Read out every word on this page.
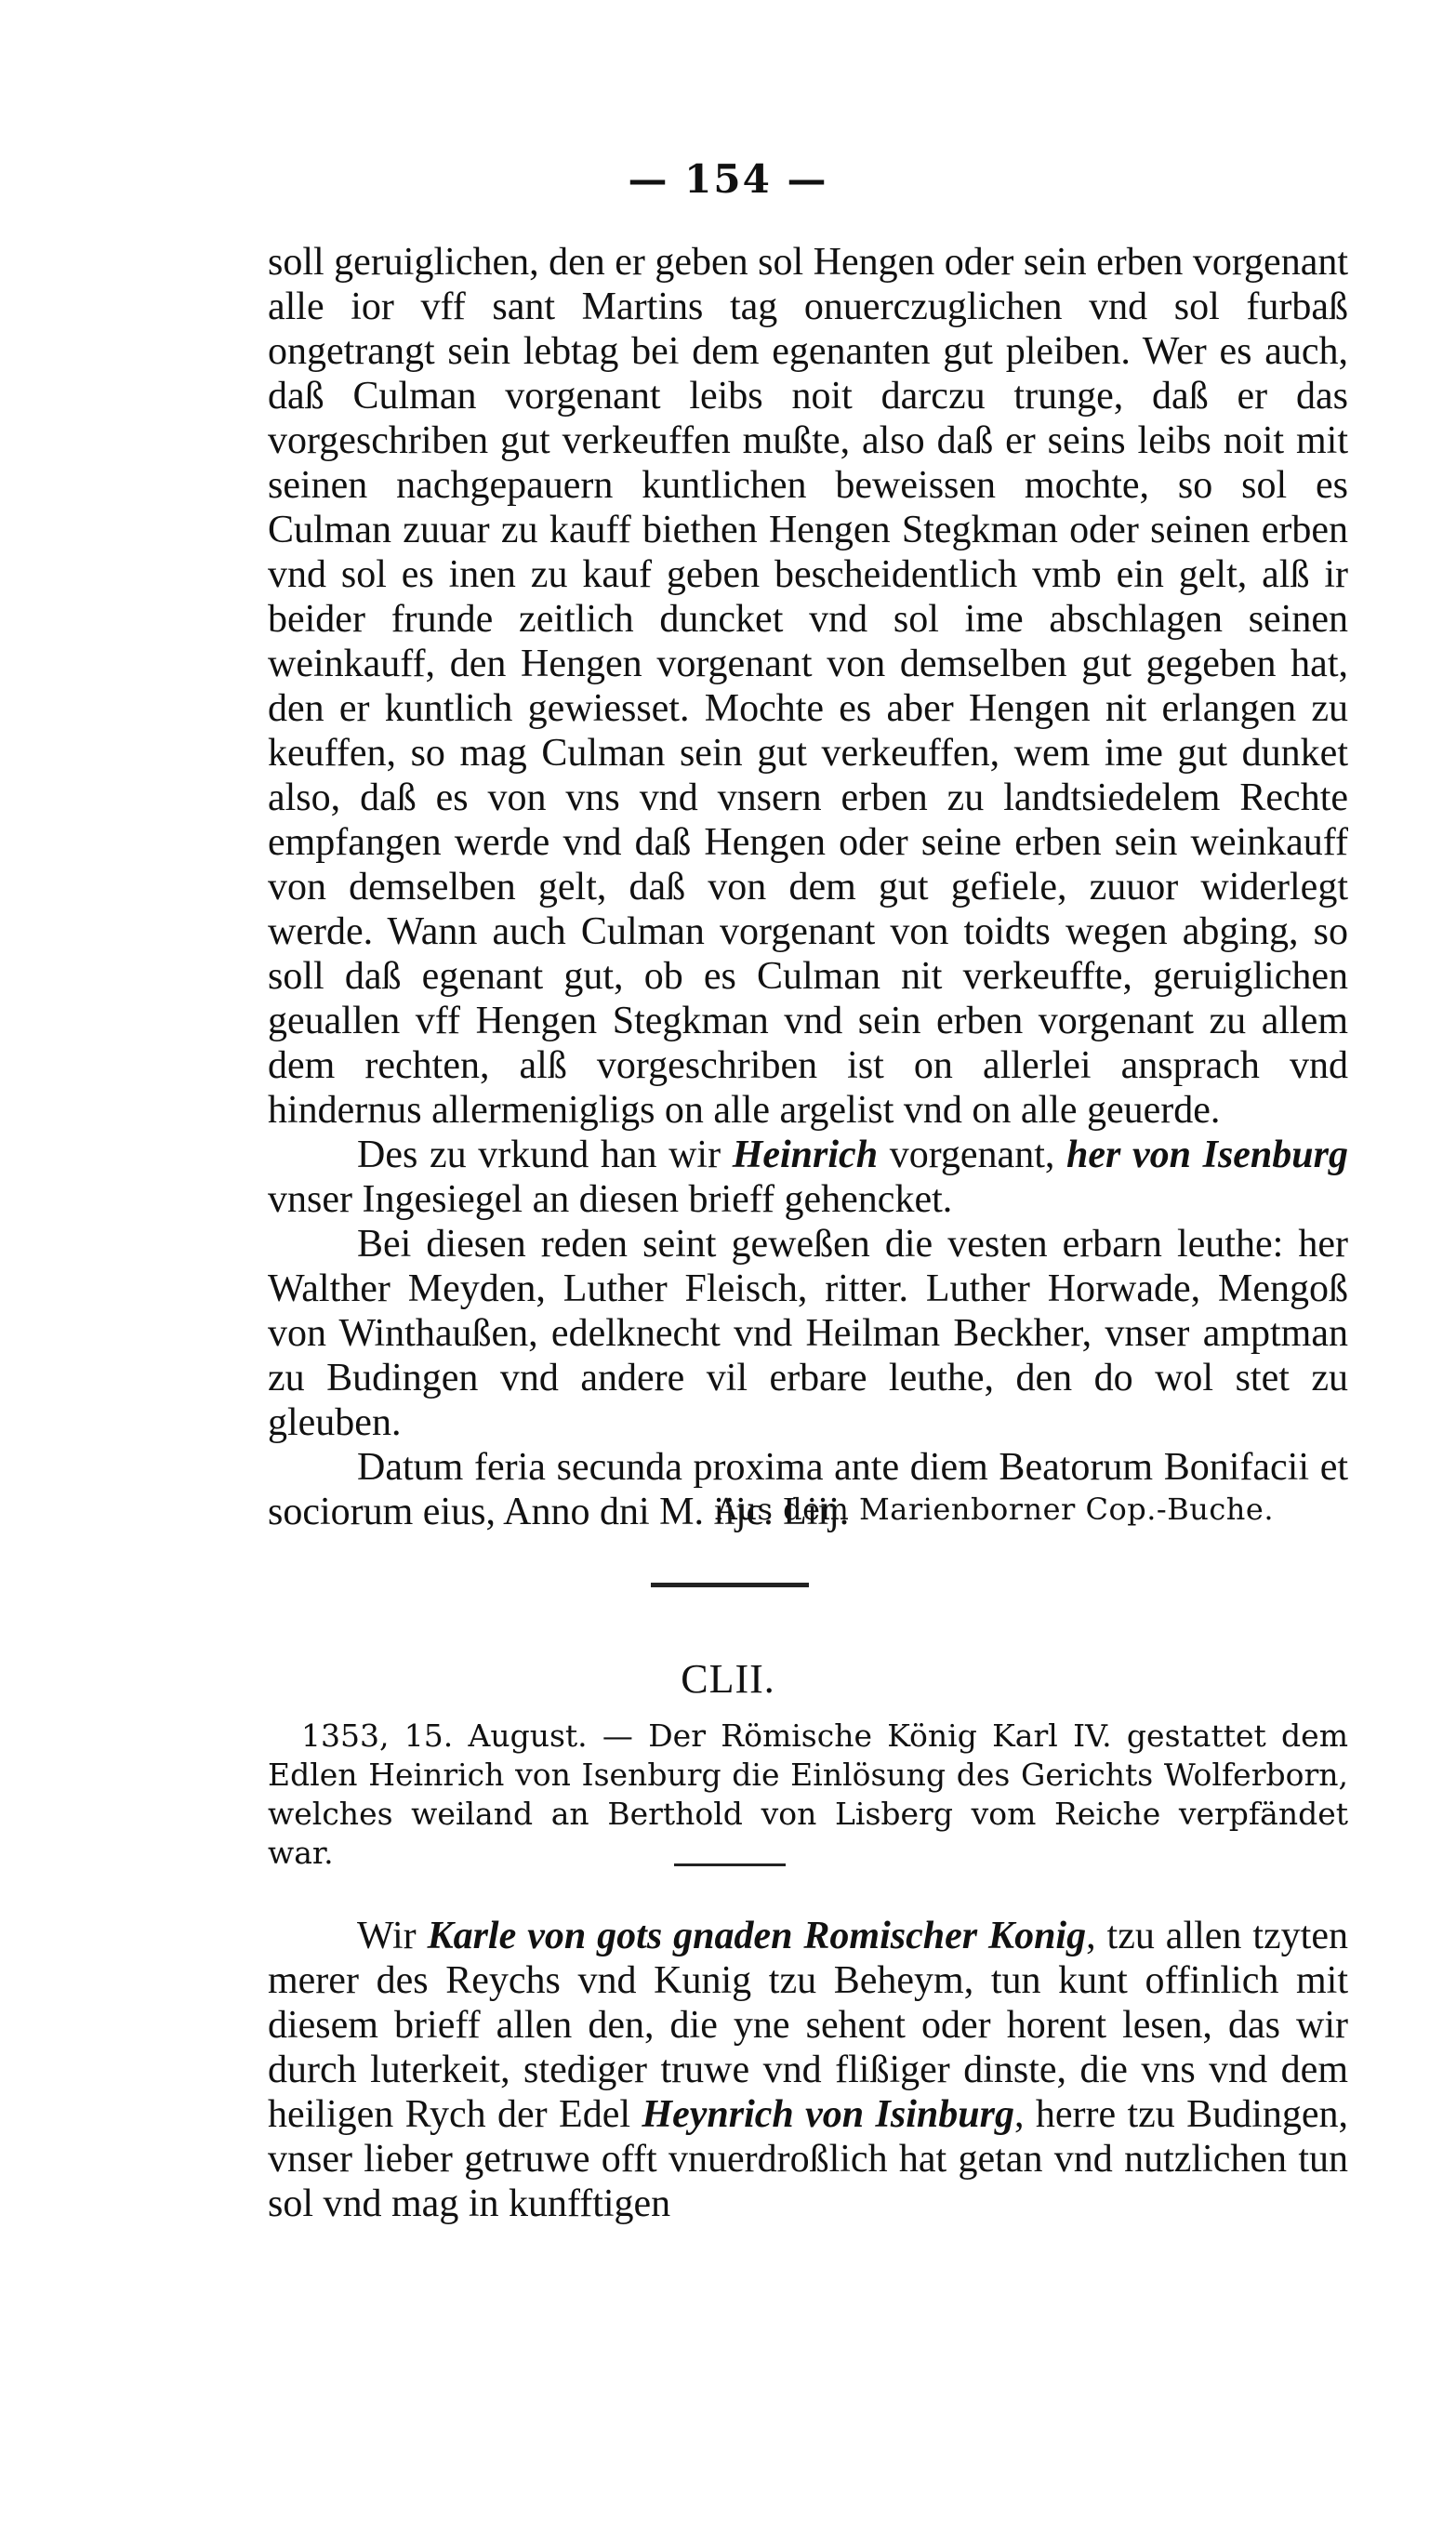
— 154 —

soll geruiglichen, den er geben sol Hengen oder sein erben vorgenant alle ior vff sant Martins tag onuerczuglichen vnd sol furbaß ongetrangt sein lebtag bei dem egenanten gut pleiben. Wer es auch, daß Culman vorgenant leibs noit darczu trunge, daß er das vorgeschriben gut verkeuffen mußte, also daß er seins leibs noit mit seinen nachgepauern kuntlichen beweissen mochte, so sol es Culman zuuar zu kauff biethen Hengen Stegkman oder seinen erben vnd sol es inen zu kauf geben bescheidentlich vmb ein gelt, alß ir beider frunde zeitlich duncket vnd sol ime abschlagen seinen weinkauff, den Hengen vorgenant von demselben gut gegeben hat, den er kuntlich gewiesset. Mochte es aber Hengen nit erlangen zu keuffen, so mag Culman sein gut verkeuffen, wem ime gut dunket also, daß es von vns vnd vnsern erben zu landtsiedelem Rechte empfangen werde vnd daß Hengen oder seine erben sein weinkauff von demselben gelt, daß von dem gut gefiele, zuuor widerlegt werde. Wann auch Culman vorgenant von toidts wegen abging, so soll daß egenant gut, ob es Culman nit verkeuffte, geruiglichen geuallen vff Hengen Stegkman vnd sein erben vorgenant zu allem dem rechten, alß vorgeschriben ist on allerlei ansprach vnd hindernus allermenigligs on alle argelist vnd on alle geuerde.

Des zu vrkund han wir Heinrich vorgenant, her von Isenburg vnser Ingesiegel an diesen brieff gehencket.

Bei diesen reden seint geweßen die vesten erbarn leuthe: her Walther Meyden, Luther Fleisch, ritter. Luther Horwade, Mengoß von Winthaußen, edelknecht vnd Heilman Beckher, vnser amptman zu Budingen vnd andere vil erbare leuthe, den do wol stet zu gleuben.

Datum feria secunda proxima ante diem Beatorum Bonifacii et sociorum eius, Anno dni M. iijc. Liij.

Aus dem Marienborner Cop.-Buche.
CLII.

1353, 15. August. — Der Römische König Karl IV. gestattet dem Edlen Heinrich von Isenburg die Einlösung des Gerichts Wolferborn, welches weiland an Berthold von Lisberg vom Reiche verpfändet war.

Wir Karle von gots gnaden Romischer Konig, tzu allen tzyten merer des Reychs vnd Kunig tzu Beheym, tun kunt offinlich mit diesem brieff allen den, die yne sehent oder horent lesen, das wir durch luterkeit, stediger truwe vnd flißiger dinste, die vns vnd dem heiligen Rych der Edel Heynrich von Isinburg, herre tzu Budingen, vnser lieber getruwe offt vnuerdroßlich hat getan vnd nutzlichen tun sol vnd mag in kunfftigen
